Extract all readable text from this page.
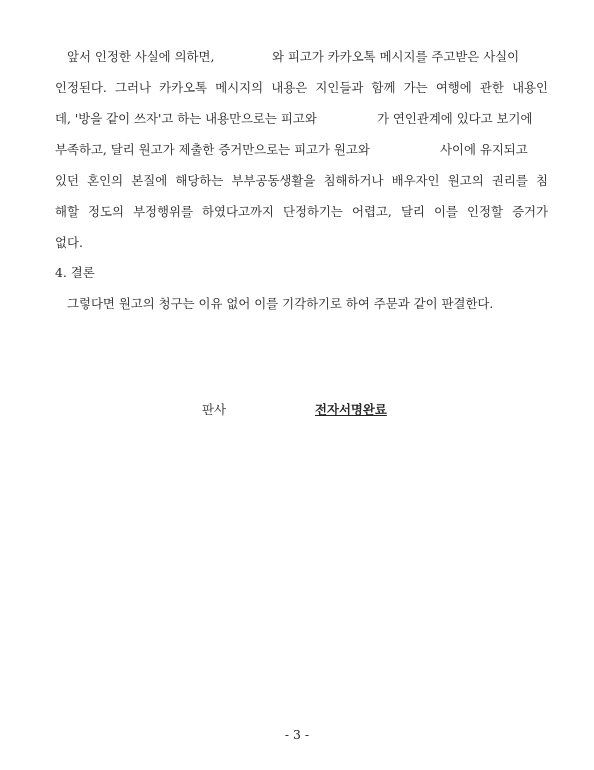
앞서 인정한 사실에 의하면,	와 피고가 카카오톡 메시지를 주고받은 사실이
인정된다. 그러나 카카오톡 메시지의 내용은 지인들과 함께 가는 여행에 관한 내용인
데, '방을 같이 쓰자'고 하는 내용만으로는 피고와	가 연인관계에 있다고 보기에
부족하고, 달리 원고가 제출한 증거만으로는 피고가 원고와	사이에 유지되고
있던 혼인의 본질에 해당하는 부부공동생활을 침해하거나 배우자인 원고의 권리를 침
해할 정도의 부정행위를 하였다고까지 단정하기는 어렵고, 달리 이를 인정할 증거가
없다.
4. 결론
그렇다면 원고의 청구는 이유 없어 이를 기각하기로 하여 주문과 같이 판결한다.
판사	전자서명완료
- 3 -
